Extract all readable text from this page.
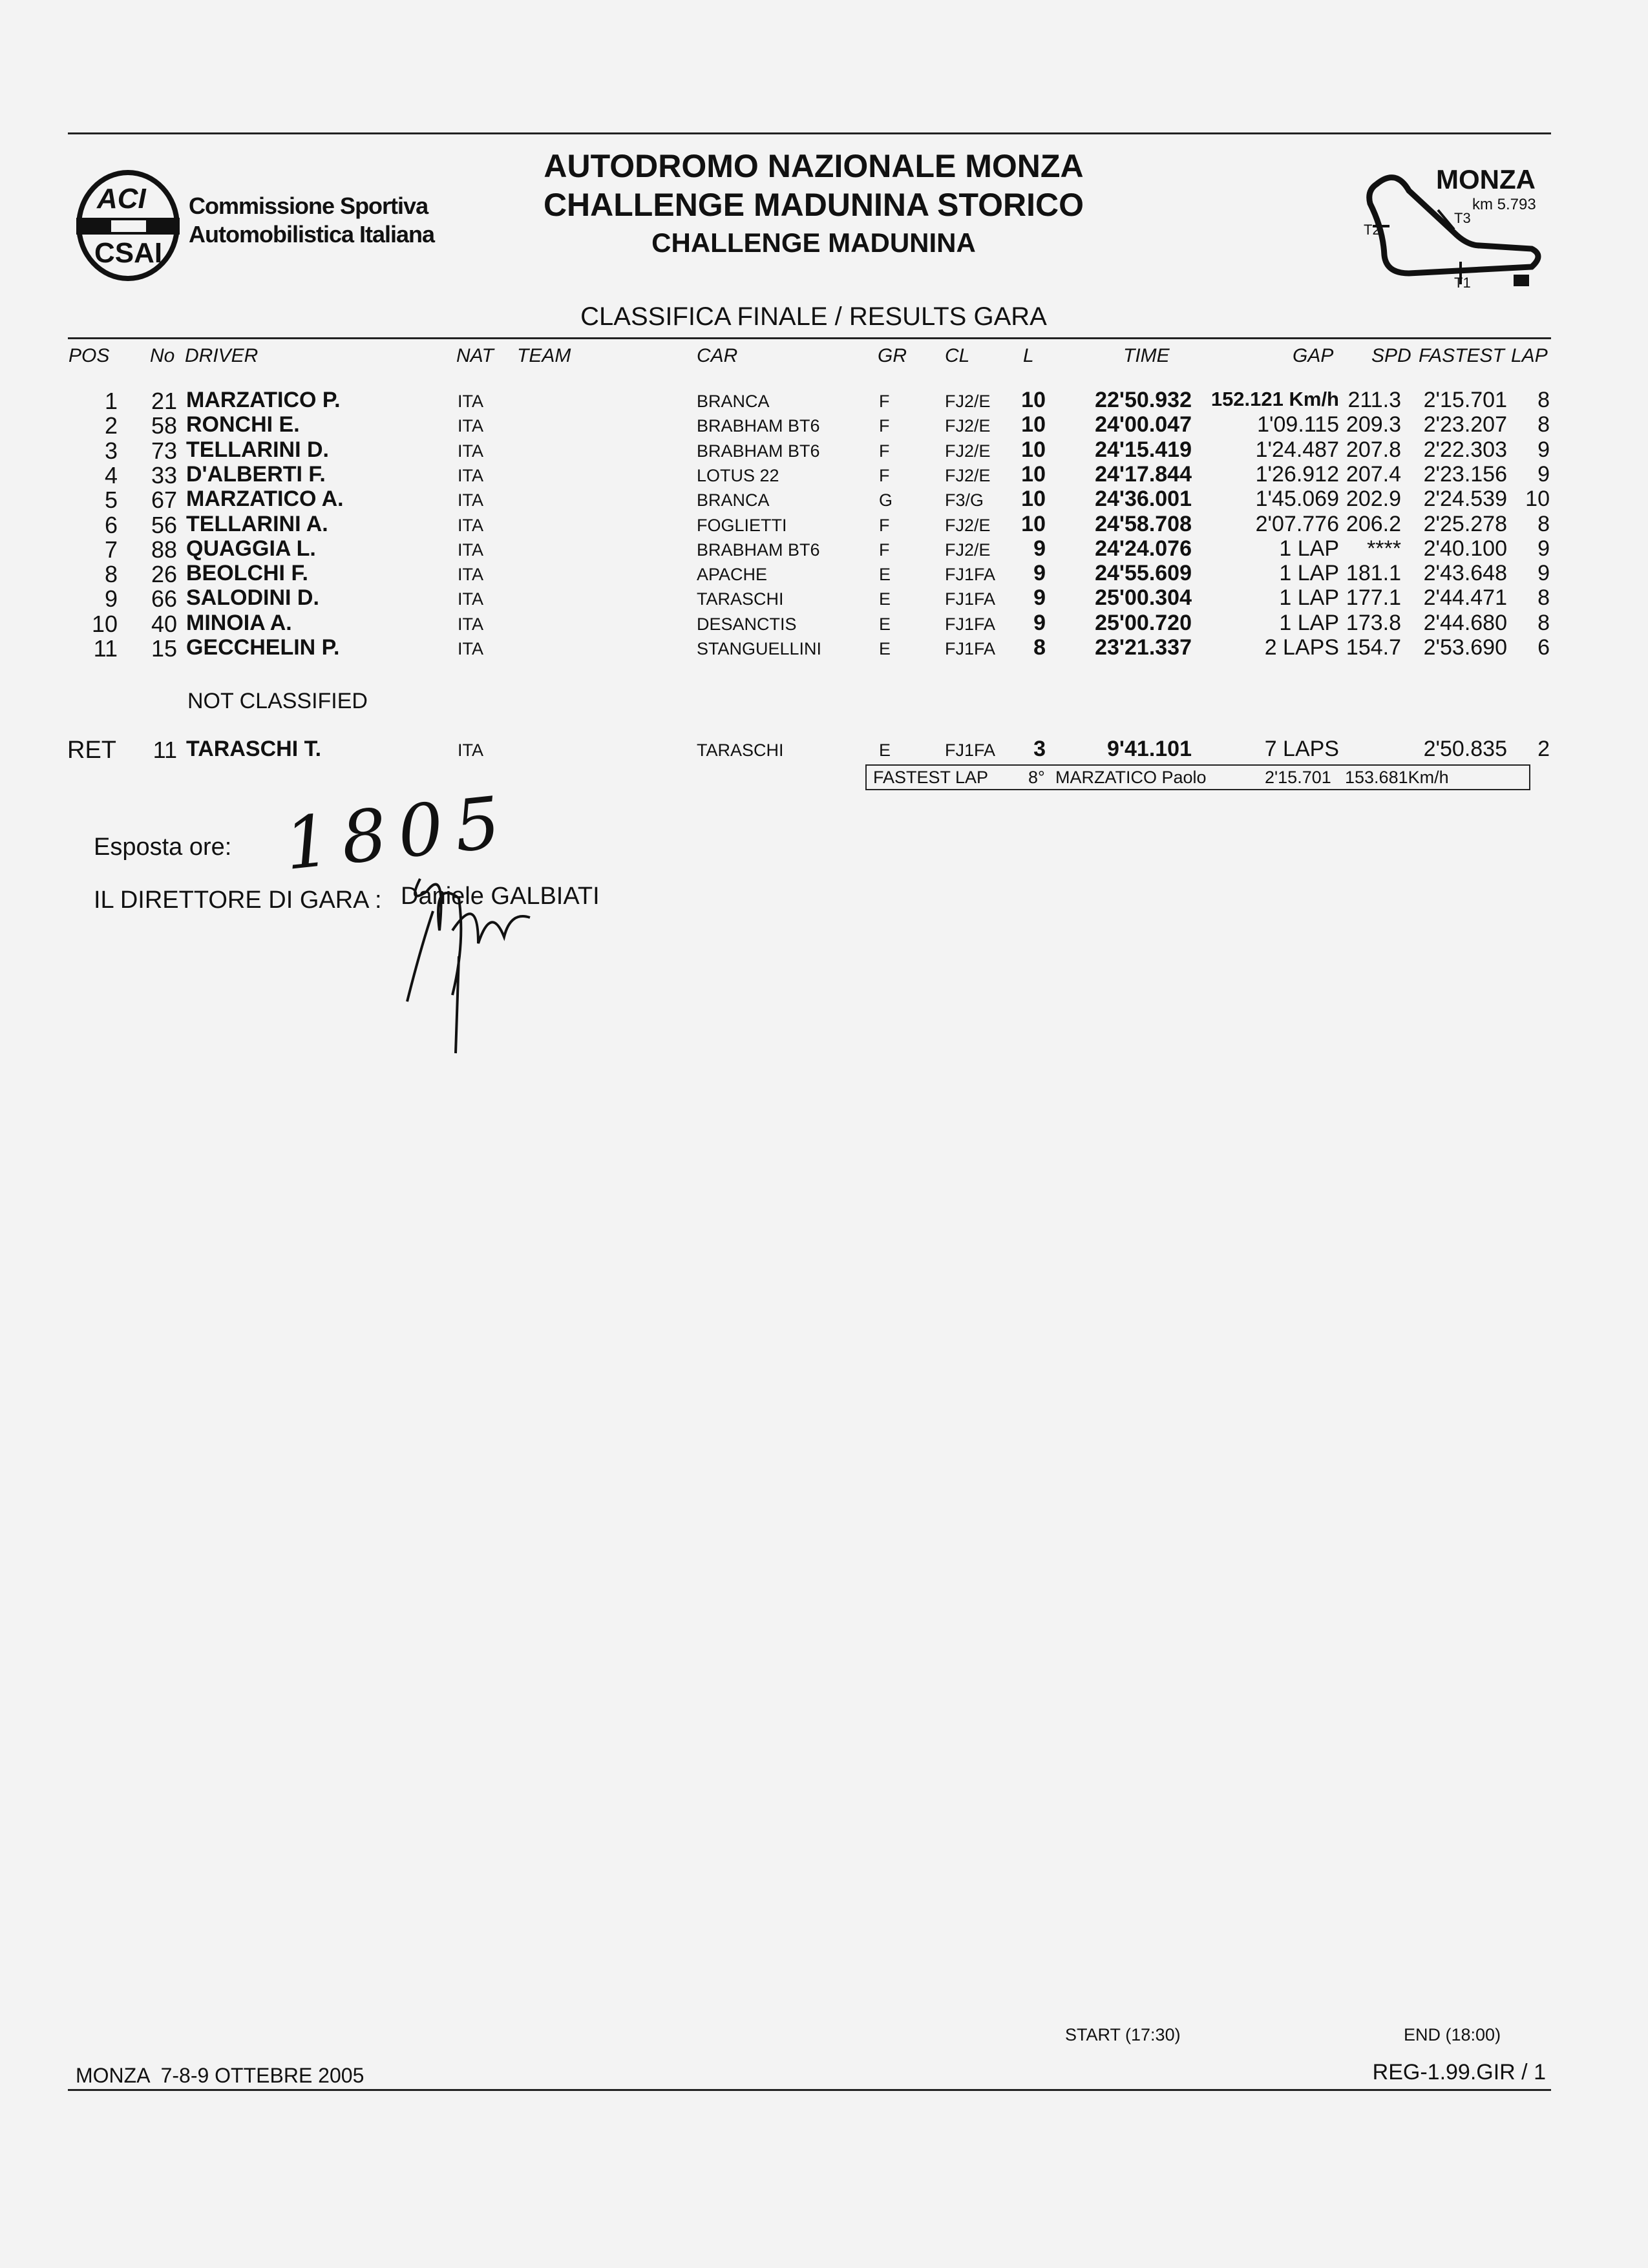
ACI
CSAI
Commissione Sportiva
Automobilistica Italiana
AUTODROMO NAZIONALE MONZA
CHALLENGE MADUNINA STORICO
CHALLENGE MADUNINA
MONZA
km 5.793
T2
T3
T1
CLASSIFICA FINALE / RESULTS GARA
POS No DRIVER	NAT TEAM	CAR	GR CL	L	TIME	GAP SPD FASTEST LAP
1	21 MARZATICO P.	ITA	BRANCA	F	FJ2/E	10	22'50.932 152.121 Km/h 211.3	2'15.701	8
2	58 RONCHI E.	ITA	BRABHAM BT6	F	FJ2/E	10	24'00.047	1'09.115 209.3	2'23.207	8
3	73 TELLARINI D.	ITA	BRABHAM BT6	F	FJ2/E	10	24'15.419	1'24.487 207.8	2'22.303	9
4	33 D'ALBERTI F.	ITA	LOTUS 22	F	FJ2/E	10	24'17.844	1'26.912 207.4	2'23.156	9
5	67 MARZATICO A.	ITA	BRANCA	G	F3/G	10	24'36.001	1'45.069 202.9	2'24.539 10
6	56 TELLARINI A.	ITA	FOGLIETTI	F	FJ2/E	10	24'58.708	2'07.776 206.2	2'25.278	8
7	88 QUAGGIA L.	ITA	BRABHAM BT6	F	FJ2/E	9	24'24.076	1 LAP	****	2'40.100	9
8	26 BEOLCHI F.	ITA	APACHE	E	FJ1FA	9	24'55.609	1 LAP 181.1	2'43.648	9
9	66 SALODINI D.	ITA	TARASCHI	E	FJ1FA	9	25'00.304	1 LAP 177.1	2'44.471	8
10	40 MINOIA A.	ITA	DESANCTIS	E	FJ1FA	9	25'00.720	1 LAP 173.8	2'44.680	8
11	15 GECCHELIN P.	ITA	STANGUELLINI	E	FJ1FA	8	23'21.337	2 LAPS 154.7	2'53.690	6
NOT CLASSIFIED
RET	11 TARASCHI T.	ITA	TARASCHI	E	FJ1FA	3	9'41.101	7 LAPS	2'50.835	2
FASTEST LAP 8° MARZATICO Paolo	2'15.701 153.681Km/h
Esposta ore: 1805
IL DIRETTORE DI GARA : Daniele GALBIATI
START (17:30)	END (18:00)
MONZA  7-8-9 OTTEBRE 2005	REG-1.99.GIR / 1
